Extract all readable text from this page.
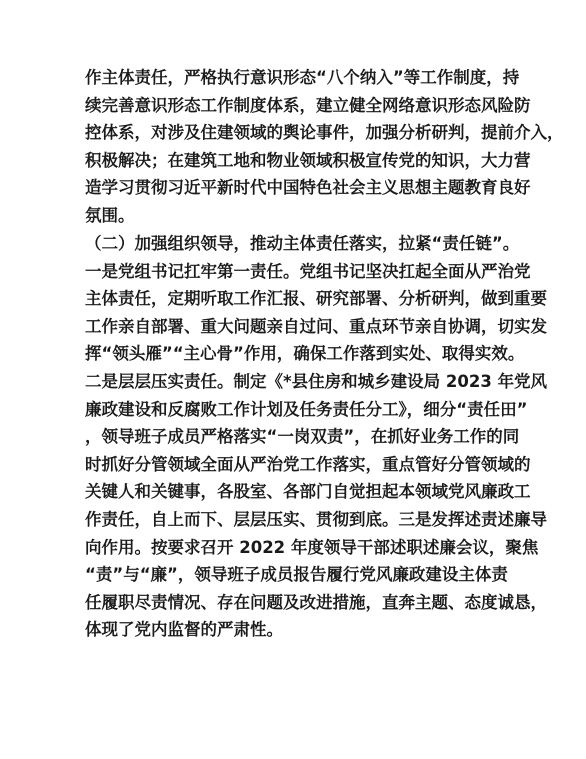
作主体责任，严格执行意识形态“八个纳入”等工作制度，持
续完善意识形态工作制度体系，建立健全网络意识形态风险防
控体系，对涉及住建领域的舆论事件，加强分析研判，提前介入，
积极解决；在建筑工地和物业领域积极宣传党的知识，大力营
造学习贯彻习近平新时代中国特色社会主义思想主题教育良好
氛围。
（二）加强组织领导，推动主体责任落实，拉紧“责任链”。
一是党组书记扛牢第一责任。党组书记坚决扛起全面从严治党
主体责任，定期听取工作汇报、研究部署、分析研判，做到重要
工作亲自部署、重大问题亲自过问、重点环节亲自协调，切实发
挥“领头雁”“主心骨”作用，确保工作落到实处、取得实效。
二是层层压实责任。制定《*县住房和城乡建设局 2023 年党风
廉政建设和反腐败工作计划及任务责任分工》，细分“责任田”
，领导班子成员严格落实“一岗双责”，在抓好业务工作的同
时抓好分管领域全面从严治党工作落实，重点管好分管领域的
关键人和关键事，各股室、各部门自觉担起本领域党风廉政工
作责任，自上而下、层层压实、贯彻到底。三是发挥述责述廉导
向作用。按要求召开 2022 年度领导干部述职述廉会议，聚焦
“责”与“廉”，领导班子成员报告履行党风廉政建设主体责
任履职尽责情况、存在问题及改进措施，直奔主题、态度诚恳，
体现了党内监督的严肃性。
